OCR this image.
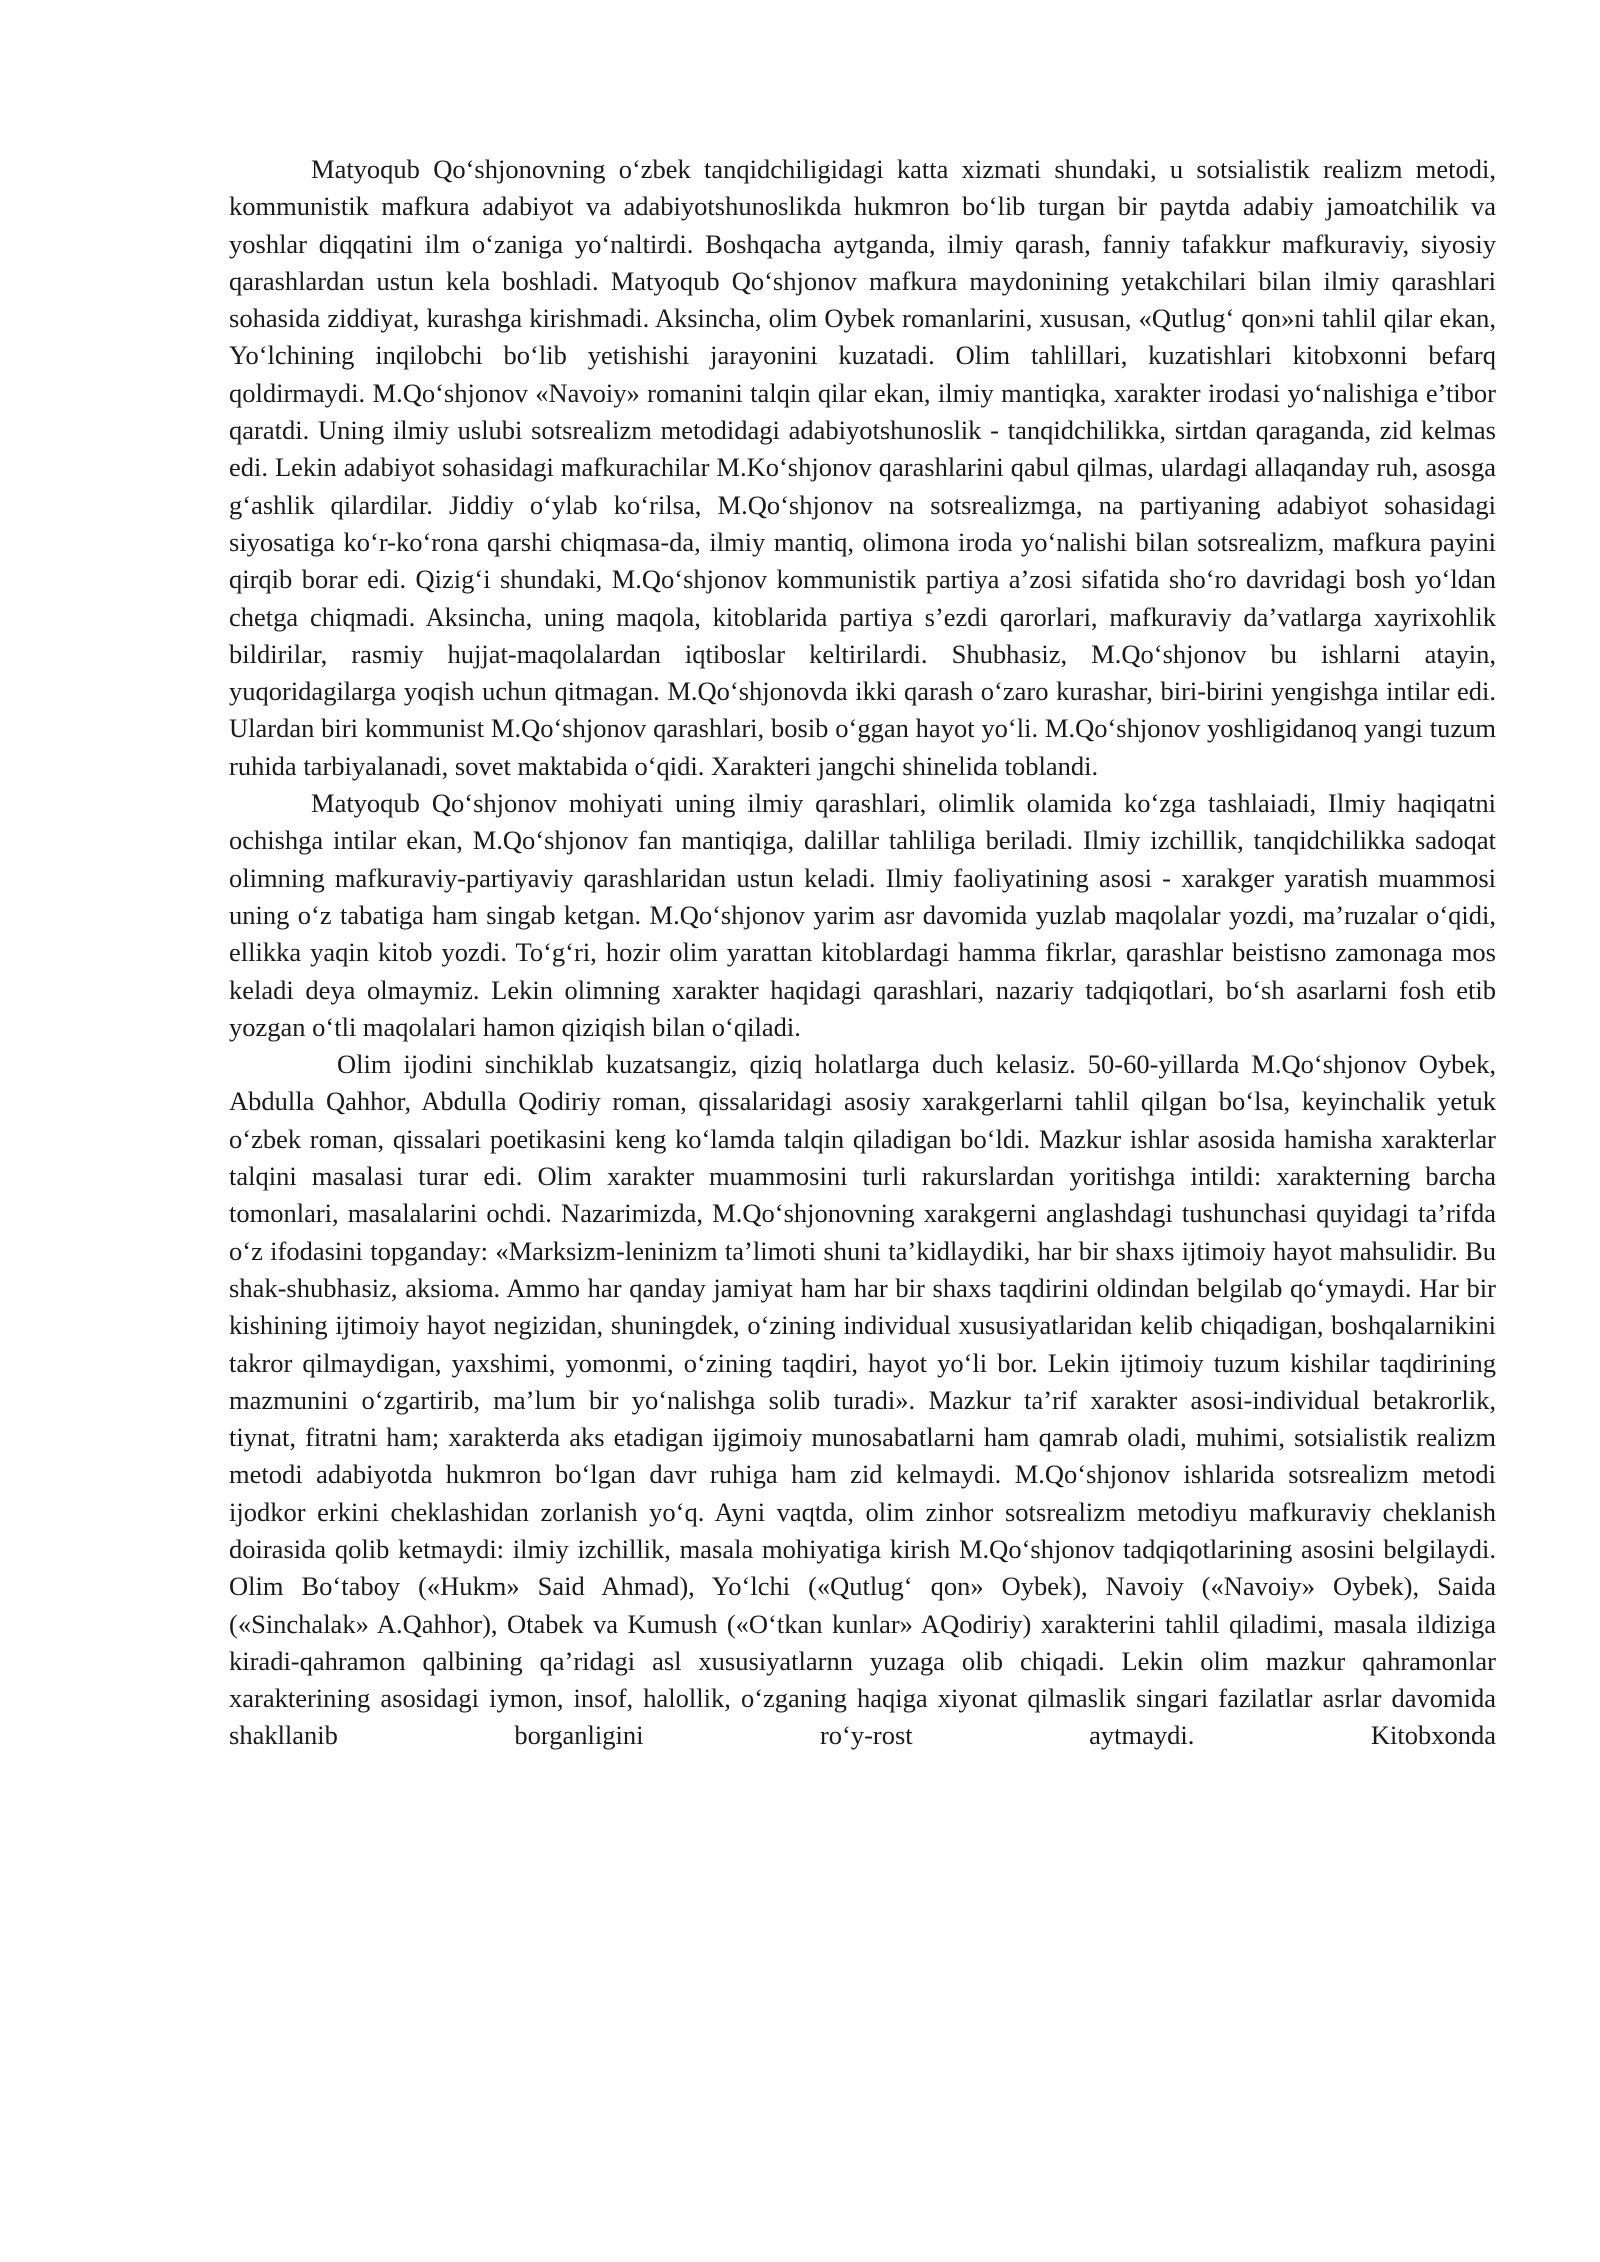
Matyoqub Qo‘shjonovning o‘zbek tanqidchiligidagi katta xizmati shundaki, u sotsialistik realizm metodi, kommunistik mafkura adabiyot va adabiyotshunoslikda hukmron bo‘lib turgan bir paytda adabiy jamoatchilik va yoshlar diqqatini ilm o‘zaniga yo‘naltirdi. Boshqacha aytganda, ilmiy qarash, fanniy tafakkur mafkuraviy, siyosiy qarashlardan ustun kela boshladi. Matyoqub Qo‘shjonov mafkura maydonining yetakchilari bilan ilmiy qarashlari sohasida ziddiyat, kurashga kirishmadi. Aksincha, olim Oybek romanlarini, xususan, «Qutlug‘ qon»ni tahlil qilar ekan, Yo‘lchining inqilobchi bo‘lib yetishishi jarayonini kuzatadi. Olim tahlillari, kuzatishlari kitobxonni befarq qoldirmaydi. M.Qo‘shjonov «Navoiy» romanini talqin qilar ekan, ilmiy mantiqka, xarakter irodasi yo‘nalishiga e’tibor qaratdi. Uning ilmiy uslubi sotsrealizm metodidagi adabiyotshunoslik - tanqidchilikka, sirtdan qaraganda, zid kelmas edi. Lekin adabiyot sohasidagi mafkurachilar M.Ko‘shjonov qarashlarini qabul qilmas, ulardagi allaqanday ruh, asosga g‘ashlik qilardilar. Jiddiy o‘ylab ko‘rilsa, M.Qo‘shjonov na sotsrealizmga, na partiyaning adabiyot sohasidagi siyosatiga ko‘r-ko‘rona qarshi chiqmasa-da, ilmiy mantiq, olimona iroda yo‘nalishi bilan sotsrealizm, mafkura payini qirqib borar edi. Qizig‘i shundaki, M.Qo‘shjonov kommunistik partiya a’zosi sifatida sho‘ro davridagi bosh yo‘ldan chetga chiqmadi. Aksincha, uning maqola, kitoblarida partiya s’ezdi qarorlari, mafkuraviy da’vatlarga xayrixohlik bildirilar, rasmiy hujjat-maqolalardan iqtiboslar keltirilardi. Shubhasiz, M.Qo‘shjonov bu ishlarni atayin, yuqoridagilarga yoqish uchun qitmagan. M.Qo‘shjonovda ikki qarash o‘zaro kurashar, biri-birini yengishga intilar edi. Ulardan biri kommunist M.Qo‘shjonov qarashlari, bosib o‘ggan hayot yo‘li. M.Qo‘shjonov yoshligidanoq yangi tuzum ruhida tarbiyalanadi, sovet maktabida o‘qidi. Xarakteri jangchi shinelida toblandi.

Matyoqub Qo‘shjonov mohiyati uning ilmiy qarashlari, olimlik olamida ko‘zga tashlaiadi, Ilmiy haqiqatni ochishga intilar ekan, M.Qo‘shjonov fan mantiqiga, dalillar tahliliga beriladi. Ilmiy izchillik, tanqidchilikka sadoqat olimning mafkuraviy-partiyaviy qarashlaridan ustun keladi. Ilmiy faoliyatining asosi - xarakger yaratish muammosi uning o‘z tabatiga ham singab ketgan. M.Qo‘shjonov yarim asr davomida yuzlab maqolalar yozdi, ma’ruzalar o‘qidi, ellikka yaqin kitob yozdi. To‘g‘ri, hozir olim yarattan kitoblardagi hamma fikrlar, qarashlar beistisno zamonaga mos keladi deya olmaymiz. Lekin olimning xarakter haqidagi qarashlari, nazariy tadqiqotlari, bo‘sh asarlarni fosh etib yozgan o‘tli maqolalari hamon qiziqish bilan o‘qiladi.

Olim ijodini sinchiklab kuzatsangiz, qiziq holatlarga duch kelasiz. 50-60-yillarda M.Qo‘shjonov Oybek, Abdulla Qahhor, Abdulla Qodiriy roman, qissalaridagi asosiy xarakgerlarni tahlil qilgan bo‘lsa, keyinchalik yetuk o‘zbek roman, qissalari poetikasini keng ko‘lamda talqin qiladigan bo‘ldi. Mazkur ishlar asosida hamisha xarakterlar talqini masalasi turar edi. Olim xarakter muammosini turli rakurslardan yoritishga intildi: xarakterning barcha tomonlari, masalalarini ochdi. Nazarimizda, M.Qo‘shjonovning xarakgerni anglashdagi tushunchasi quyidagi ta’rifda o‘z ifodasini topganday: «Marksizm-leninizm ta’limoti shuni ta’kidlaydiki, har bir shaxs ijtimoiy hayot mahsulidir. Bu shak-shubhasiz, aksioma. Ammo har qanday jamiyat ham har bir shaxs taqdirini oldindan belgilab qo‘ymaydi. Har bir kishining ijtimoiy hayot negizidan, shuningdek, o‘zining individual xususiyatlaridan kelib chiqadigan, boshqalarnikini takror qilmaydigan, yaxshimi, yomonmi, o‘zining taqdiri, hayot yo‘li bor. Lekin ijtimoiy tuzum kishilar taqdirining mazmunini o‘zgartirib, ma’lum bir yo‘nalishga solib turadi». Mazkur ta’rif xarakter asosi-individual betakrorlik, tiynat, fitratni ham; xarakterda aks etadigan ijgimoiy munosabatlarni ham qamrab oladi, muhimi, sotsialistik realizm metodi adabiyotda hukmron bo‘lgan davr ruhiga ham zid kelmaydi. M.Qo‘shjonov ishlarida sotsrealizm metodi ijodkor erkini cheklashidan zorlanish yo‘q. Ayni vaqtda, olim zinhor sotsrealizm metodiyu mafkuraviy cheklanish doirasida qolib ketmaydi: ilmiy izchillik, masala mohiyatiga kirish M.Qo‘shjonov tadqiqotlarining asosini belgilaydi. Olim Bo‘taboy («Hukm» Said Ahmad), Yo‘lchi («Qutlug‘ qon» Oybek), Navoiy («Navoiy» Oybek), Saida («Sinchalak» A.Qahhor), Otabek va Kumush («O‘tkan kunlar» AQodiriy) xarakterini tahlil qiladimi, masala ildiziga kiradi-qahramon qalbining qa’ridagi asl xususiyatlarnn yuzaga olib chiqadi. Lekin olim mazkur qahramonlar xarakterining asosidagi iymon, insof, halollik, o‘zganing haqiga xiyonat qilmaslik singari fazilatlar asrlar davomida shakllanib borganligini ro‘y-rost aytmaydi. Kitobxonda
